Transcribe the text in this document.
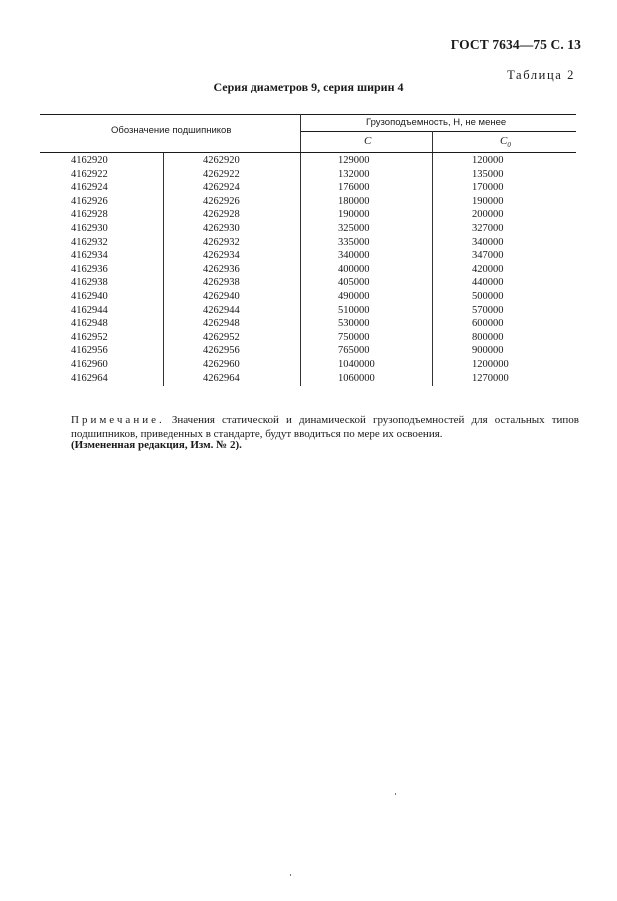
ГОСТ 7634—75 С. 13
Таблица 2
Серия диаметров 9, серия ширин 4
Обозначение подшипников
Грузоподъемность, Н, не менее
C	$C_0$
4162920	4262920	129000	120000
4162922	4262922	132000	135000
4162924	4262924	176000	170000
4162926	4262926	180000	190000
4162928	4262928	190000	200000
4162930	4262930	325000	327000
4162932	4262932	335000	340000
4162934	4262934	340000	347000
4162936	4262936	400000	420000
4162938	4262938	405000	440000
4162940	4262940	490000	500000
4162944	4262944	510000	570000
4162948	4262948	530000	600000
4162952	4262952	750000	800000
4162956	4262956	765000	900000
4162960	4262960	1040000	1200000
4162964	4262964	1060000	1270000
Примечание. Значения статической и динамической грузоподъемностей для остальных типов подшипников, приведенных в стандарте, будут вводиться по мере их освоения.
(Измененная редакция, Изм. № 2).
